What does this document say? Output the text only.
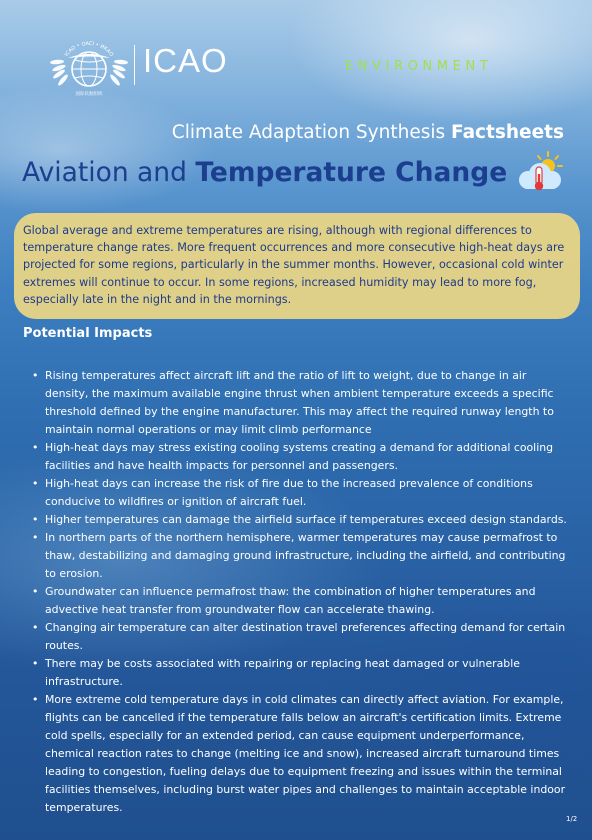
ICAO • OACI • ИКАО
国际民航组织
ICAO	ENVIRONMENT
Climate Adaptation Synthesis Factsheets
Aviation and Temperature Change
Global average and extreme temperatures are rising, although with regional differences to temperature change rates. More frequent occurrences and more consecutive high-heat days are projected for some regions, particularly in the summer months. However, occasional cold winter extremes will continue to occur. In some regions, increased humidity may lead to more fog, especially late in the night and in the mornings.
Potential Impacts
• Rising temperatures affect aircraft lift and the ratio of lift to weight, due to change in air density, the maximum available engine thrust when ambient temperature exceeds a specific threshold defined by the engine manufacturer. This may affect the required runway length to maintain normal operations or may limit climb performance
• High-heat days may stress existing cooling systems creating a demand for additional cooling facilities and have health impacts for personnel and passengers.
• High-heat days can increase the risk of fire due to the increased prevalence of conditions conducive to wildfires or ignition of aircraft fuel.
• Higher temperatures can damage the airfield surface if temperatures exceed design standards.
• In northern parts of the northern hemisphere, warmer temperatures may cause permafrost to thaw, destabilizing and damaging ground infrastructure, including the airfield, and contributing to erosion.
• Groundwater can influence permafrost thaw: the combination of higher temperatures and advective heat transfer from groundwater flow can accelerate thawing.
• Changing air temperature can alter destination travel preferences affecting demand for certain routes.
• There may be costs associated with repairing or replacing heat damaged or vulnerable infrastructure.
• More extreme cold temperature days in cold climates can directly affect aviation. For example, flights can be cancelled if the temperature falls below an aircraft's certification limits. Extreme cold spells, especially for an extended period, can cause equipment underperformance, chemical reaction rates to change (melting ice and snow), increased aircraft turnaround times leading to congestion, fueling delays due to equipment freezing and issues within the terminal facilities themselves, including burst water pipes and challenges to maintain acceptable indoor temperatures.
1/2
